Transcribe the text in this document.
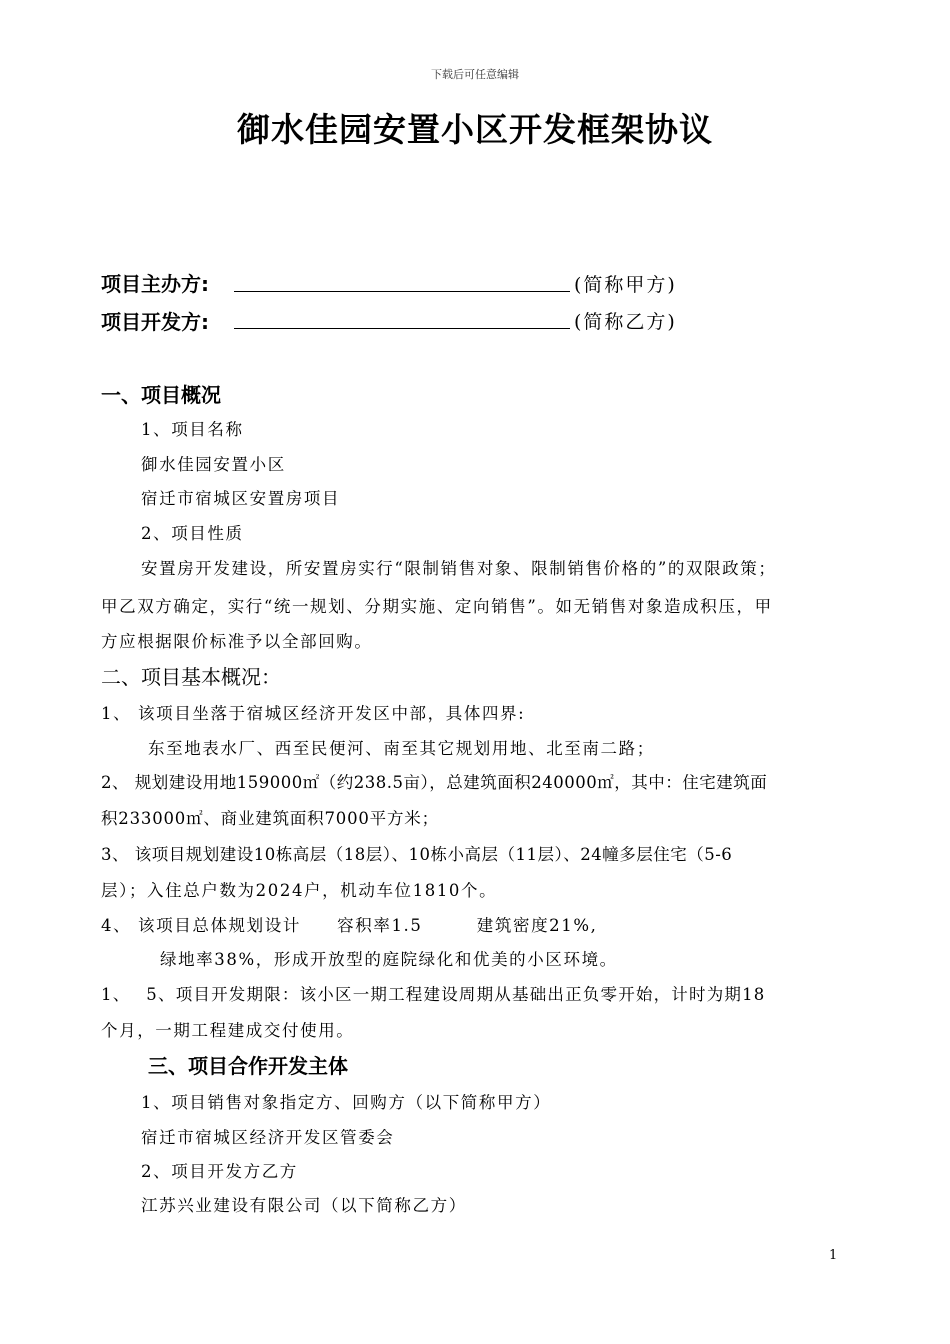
下载后可任意编辑
御水佳园安置小区开发框架协议
项目主办方:	(简称甲方)
项目开发方:	(简称乙方)
一、项目概况
1、项目名称
御水佳园安置小区
宿迁市宿城区安置房项目
2、项目性质
安置房开发建设，所安置房实行“限制销售对象、限制销售价格的”的双限政策；
甲乙双方确定，实行“统一规划、分期实施、定向销售”。如无销售对象造成积压，甲
方应根据限价标准予以全部回购。
二、项目基本概况：
1、 该项目坐落于宿城区经济开发区中部，具体四界:
东至地表水厂、西至民便河、南至其它规划用地、北至南二路；
2、 规划建设用地159000㎡（约238.5亩），总建筑面积240000㎡，其中：住宅建筑面
积233000㎡、商业建筑面积7000平方米；
3、 该项目规划建设10栋高层（18层）、10栋小高层（11层）、24幢多层住宅（5-6
层）；入住总户数为2024户，机动车位1810个。
4、 该项目总体规划设计　　容积率1.5　　　建筑密度21%,
绿地率38%，形成开放型的庭院绿化和优美的小区环境。
1、　 5、项目开发期限：该小区一期工程建设周期从基础出正负零开始，计时为期18
个月，一期工程建成交付使用。
三、项目合作开发主体
1、项目销售对象指定方、回购方（以下简称甲方）
宿迁市宿城区经济开发区管委会
2、项目开发方乙方
江苏兴业建设有限公司（以下简称乙方）
1
